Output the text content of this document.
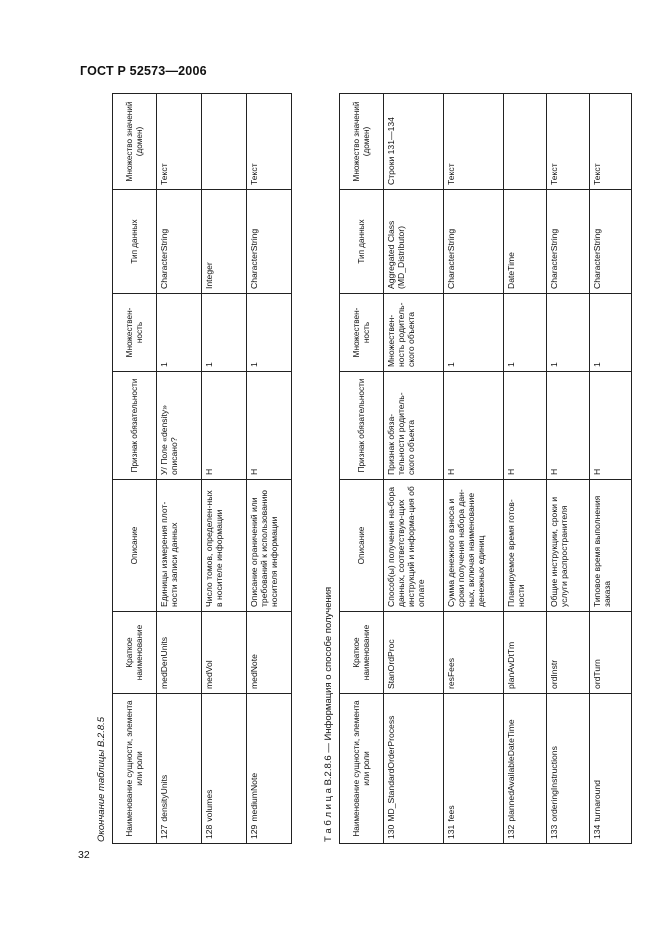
ГОСТ Р 52573—2006
Окончание таблицы В.2.8.5	Наименование сущности, элемента или роли	Краткое наименование	Описание	Признак обязательности	Множествен-ность	Тип данных	Множество значений (домен)
127 densityUnits	medDenUnits	Единицы измерения плот-ности записи данных	У/ Поле «density» описано?	1	CharacterString	Текст
128 volumes	medVol	Число томов, определен-ных в носителе информации	Н	1	Integer	
129 mediumNote	medNote	Описание ограничений или требований к использованию носителя информации	Н	1	CharacterString	Текст
Т а б л и ц а В.2.8.6 — Информация о способе получения	Наименование сущности, элемента или роли	Краткое наименование	Описание	Признак обязательности	Множествен-ность	Тип данных	Множество значений (домен)
130 MD_StandardOrderProcess	StanOrdProc	Способ(ы) получения на-бора данных, соответствую-щих инструкций и информа-ция об оплате	Признак обяза-тельности родитель-ского объекта	Множествен-ность родитель-ского объекта	Aggregated Class (MD_Distributor)	Строки 131—134
131 fees	resFees	Сумма денежного взноса и сроки получения набора дан-ных, включая наименование денежных единиц	Н	1	CharacterString	Текст
132 plannedAvailableDateTime	planAvDtTm	Планируемое время готов-ности	Н	1	DateTime	
133 orderingInstructions	ordInstr	Общие инструкции, сроки и услуги распространителя	Н	1	CharacterString	Текст
134 turnaround	ordTurn	Типовое время выполнения заказа	Н	1	CharacterString	Текст
32
